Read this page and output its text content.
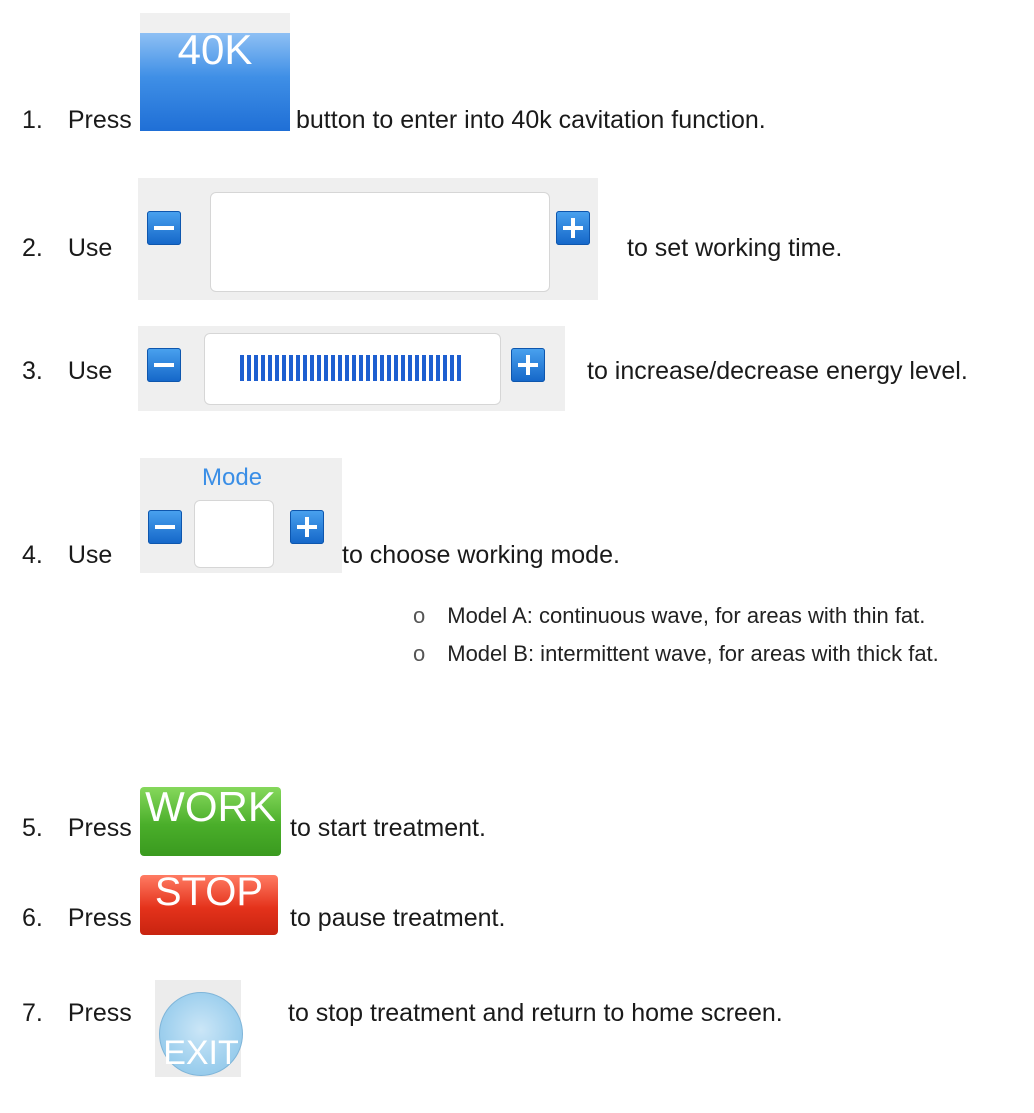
1. Press
40K
button to enter into 40k cavitation function.
2. Use	to set working time.
3. Use	to increase/decrease energy level.
4. Use
Mode
to choose working mode.
o Model A: continuous wave, for areas with thin fat.
o Model B: intermittent wave, for areas with thick fat.
5. Press WORK to start treatment.
6. Press
STOP
to pause treatment.
7. Press
EXIT
to stop treatment and return to home screen.
